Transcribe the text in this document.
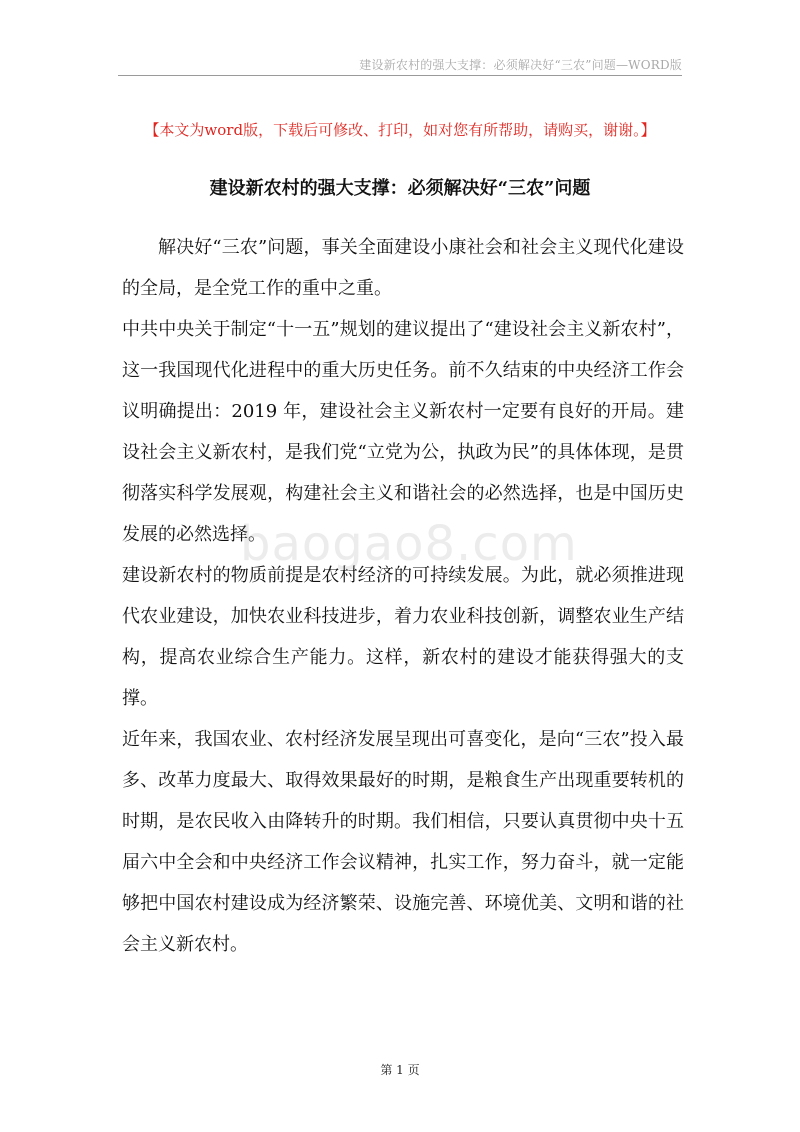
建设新农村的强大支撑：必须解决好“三农”问题—WORD版
【本文为word版，下载后可修改、打印，如对您有所帮助，请购买，谢谢。】
建设新农村的强大支撑：必须解决好“三农”问题

解决好“三农”问题，事关全面建设小康社会和社会主义现代化建设的全局，是全党工作的重中之重。

中共中央关于制定“十一五”规划的建议提出了“建设社会主义新农村”，这一我国现代化进程中的重大历史任务。前不久结束的中央经济工作会议明确提出：2019 年，建设社会主义新农村一定要有良好的开局。建设社会主义新农村，是我们党“立党为公，执政为民”的具体体现，是贯彻落实科学发展观，构建社会主义和谐社会的必然选择，也是中国历史发展的必然选择。

建设新农村的物质前提是农村经济的可持续发展。为此，就必须推进现代农业建设，加快农业科技进步，着力农业科技创新，调整农业生产结构，提高农业综合生产能力。这样，新农村的建设才能获得强大的支撑。

近年来，我国农业、农村经济发展呈现出可喜变化，是向“三农”投入最多、改革力度最大、取得效果最好的时期，是粮食生产出现重要转机的时期，是农民收入由降转升的时期。我们相信，只要认真贯彻中央十五届六中全会和中央经济工作会议精神，扎实工作，努力奋斗，就一定能够把中国农村建设成为经济繁荣、设施完善、环境优美、文明和谐的社会主义新农村。

baogao8.com
第 1 页
